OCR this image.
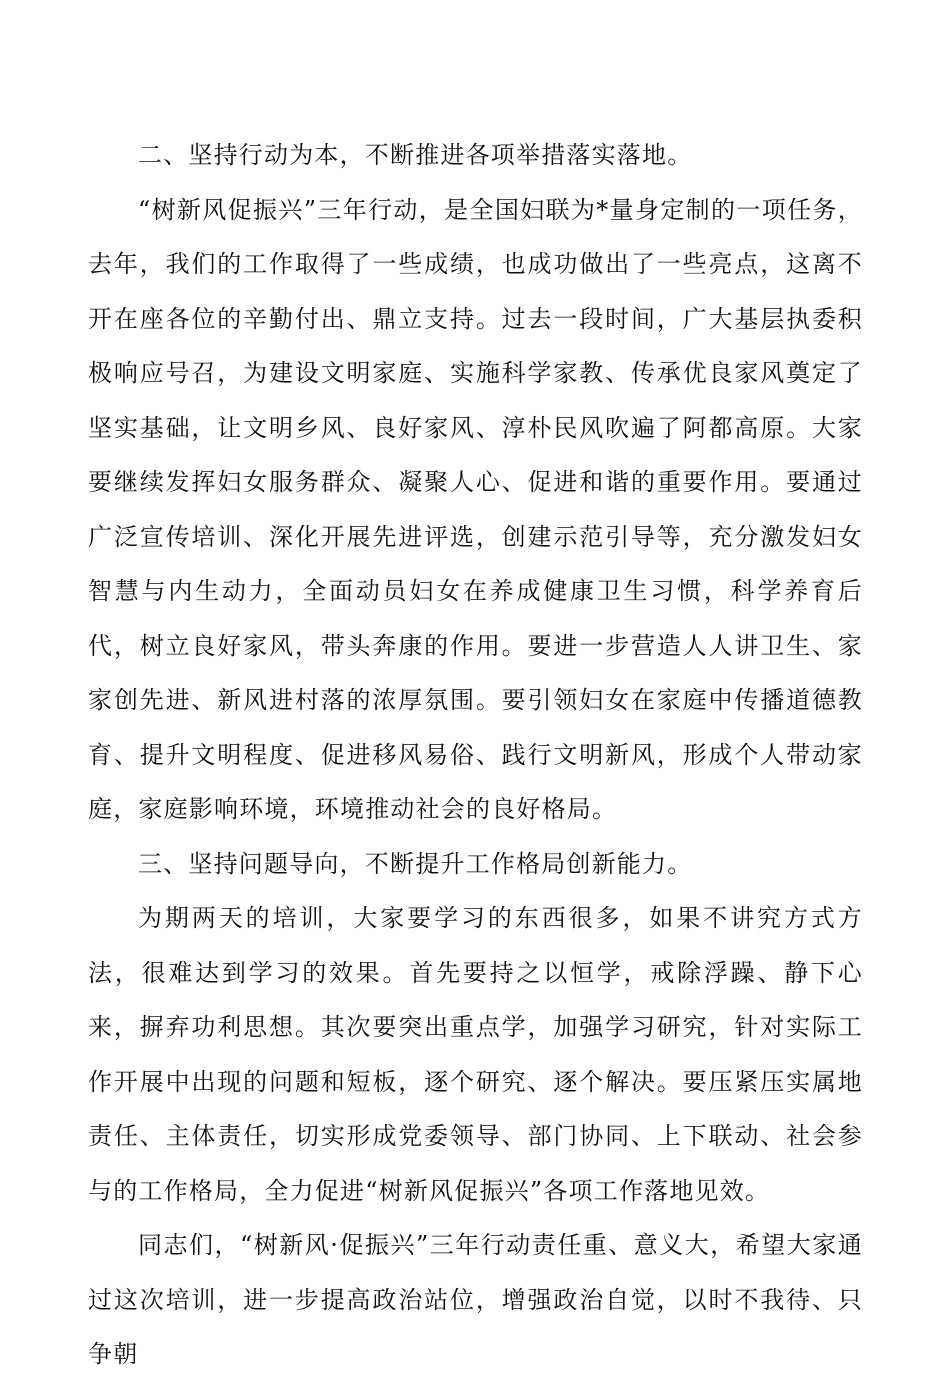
二、坚持行动为本，不断推进各项举措落实落地。

“树新风促振兴”三年行动，是全国妇联为*量身定制的一项任务，去年，我们的工作取得了一些成绩，也成功做出了一些亮点，这离不开在座各位的辛勤付出、鼎立支持。过去一段时间，广大基层执委积极响应号召，为建设文明家庭、实施科学家教、传承优良家风奠定了坚实基础，让文明乡风、良好家风、淳朴民风吹遍了阿都高原。大家要继续发挥妇女服务群众、凝聚人心、促进和谐的重要作用。要通过广泛宣传培训、深化开展先进评选，创建示范引导等，充分激发妇女智慧与内生动力，全面动员妇女在养成健康卫生习惯，科学养育后代，树立良好家风，带头奔康的作用。要进一步营造人人讲卫生、家家创先进、新风进村落的浓厚氛围。要引领妇女在家庭中传播道德教育、提升文明程度、促进移风易俗、践行文明新风，形成个人带动家庭，家庭影响环境，环境推动社会的良好格局。

三、坚持问题导向，不断提升工作格局创新能力。

为期两天的培训，大家要学习的东西很多，如果不讲究方式方法，很难达到学习的效果。首先要持之以恒学，戒除浮躁、静下心来，摒弃功利思想。其次要突出重点学，加强学习研究，针对实际工作开展中出现的问题和短板，逐个研究、逐个解决。要压紧压实属地责任、主体责任，切实形成党委领导、部门协同、上下联动、社会参与的工作格局，全力促进“树新风促振兴”各项工作落地见效。

同志们，“树新风·促振兴”三年行动责任重、意义大，希望大家通过这次培训，进一步提高政治站位，增强政治自觉，以时不我待、只争朝
